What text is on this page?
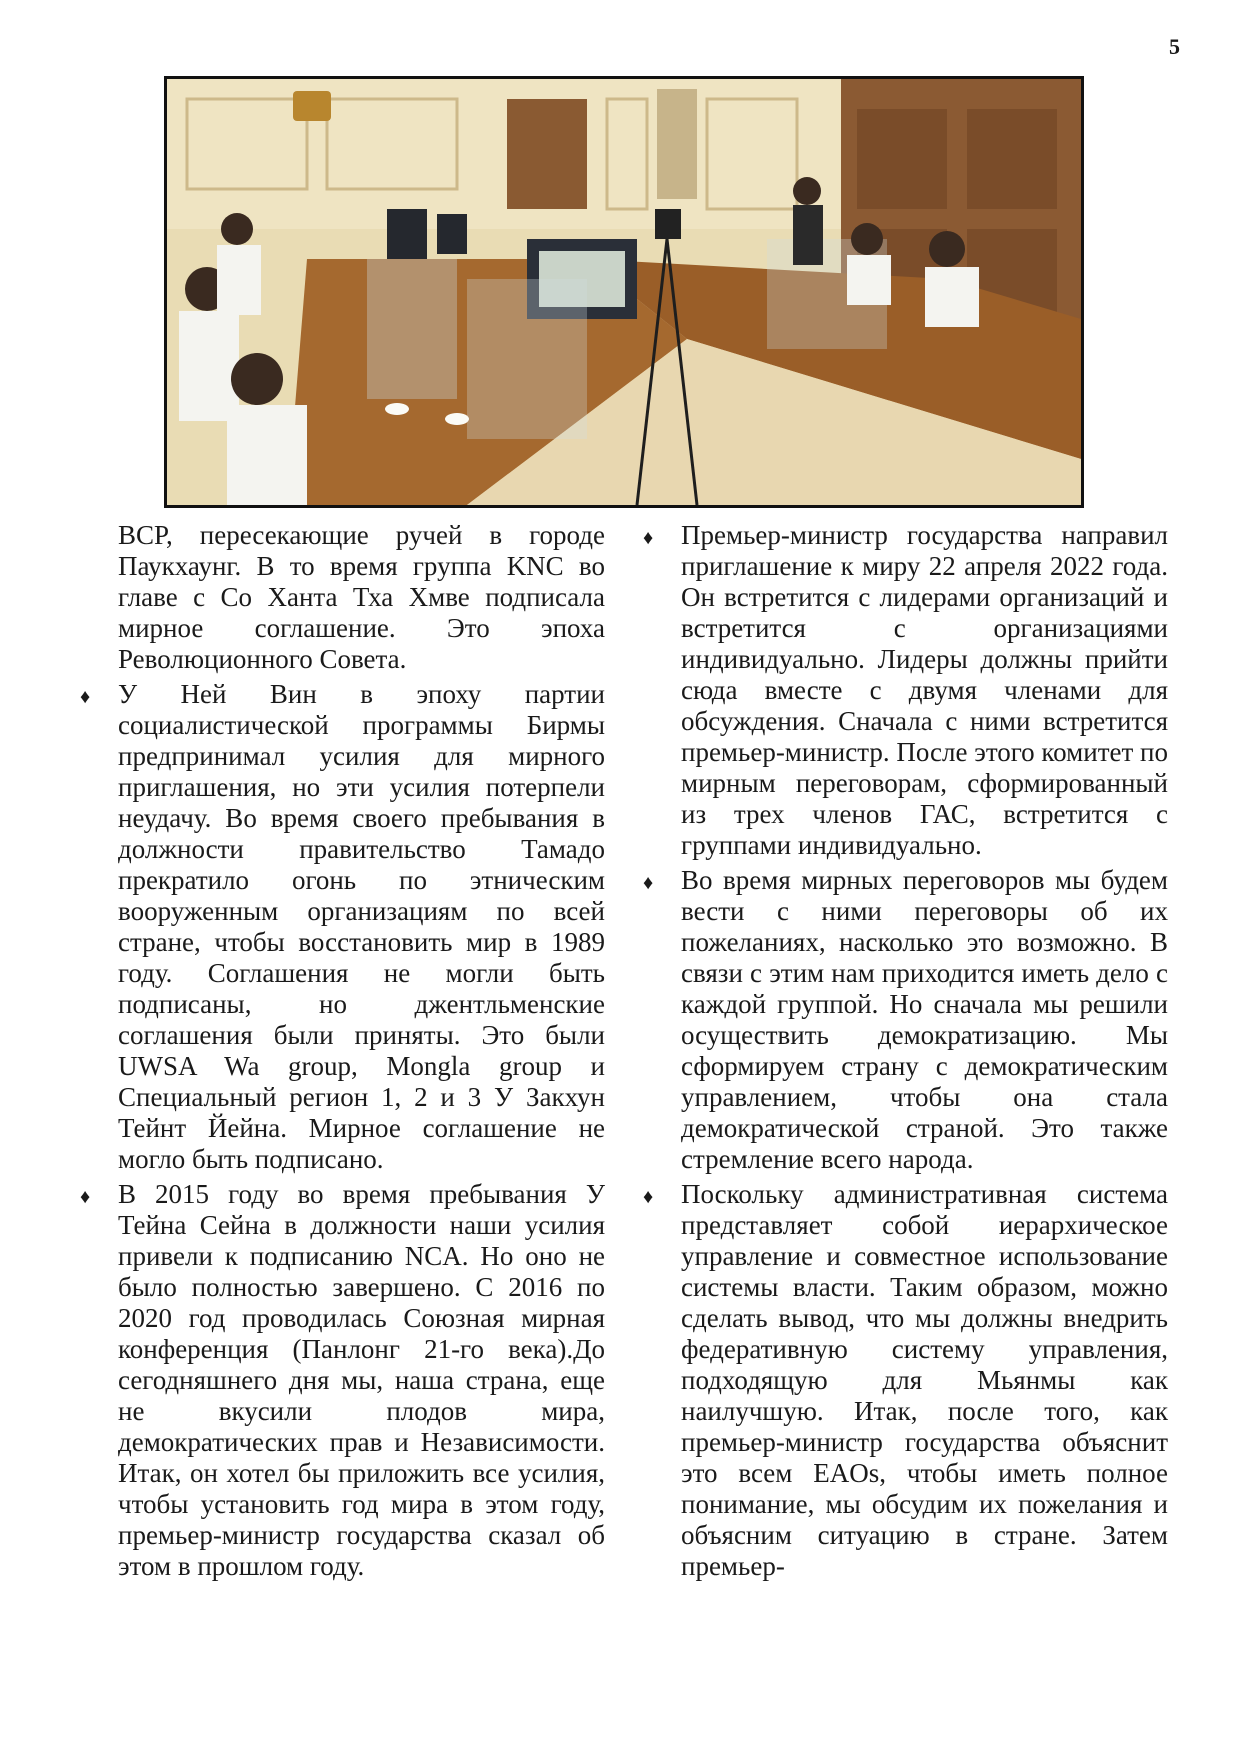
5

BCP, пересекающие ручей в городе Паукхаунг. В то время группа KNC во главе с Со Ханта Тха Хмве подписала мирное соглашение. Это эпоха Революционного Совета.

♦ У Ней Вин в эпоху партии социалистической программы Бирмы предпринимал усилия для мирного приглашения, но эти усилия потерпели неудачу. Во время своего пребывания в должности правительство Тамадо прекратило огонь по этническим вооруженным организациям по всей стране, чтобы восстановить мир в 1989 году. Соглашения не могли быть подписаны, но джентльменские соглашения были приняты. Это были UWSA Wa group, Mongla group и Специальный регион 1, 2 и 3 У Закхун Тейнт Йейна. Мирное соглашение не могло быть подписано.

♦ В 2015 году во время пребывания У Тейна Сейна в должности наши усилия привели к подписанию NCA. Но оно не было полностью завершено. С 2016 по 2020 год проводилась Союзная мирная конференция (Панлонг 21-го века).До сегодняшнего дня мы, наша страна, еще не вкусили плодов мира, демократических прав и Независимости. Итак, он хотел бы приложить все усилия, чтобы установить год мира в этом году, премьер-министр государства сказал об этом в прошлом году.

♦ Премьер-министр государства направил приглашение к миру 22 апреля 2022 года. Он встретится с лидерами организаций и встретится с организациями индивидуально. Лидеры должны прийти сюда вместе с двумя членами для обсуждения. Сначала с ними встретится премьер-министр. После этого комитет по мирным переговорам, сформированный из трех членов ГАС, встретится с группами индивидуально.

♦ Во время мирных переговоров мы будем вести с ними переговоры об их пожеланиях, насколько это возможно. В связи с этим нам приходится иметь дело с каждой группой. Но сначала мы решили осуществить демократизацию. Мы сформируем страну с демократическим управлением, чтобы она стала демократической страной. Это также стремление всего народа.

♦ Поскольку административная система представляет собой иерархическое управление и совместное использование системы власти. Таким образом, можно сделать вывод, что мы должны внедрить федеративную систему управления, подходящую для Мьянмы как наилучшую. Итак, после того, как премьер-министр государства объяснит это всем EAOs, чтобы иметь полное понимание, мы обсудим их пожелания и объясним ситуацию в стране. Затем премьер-
